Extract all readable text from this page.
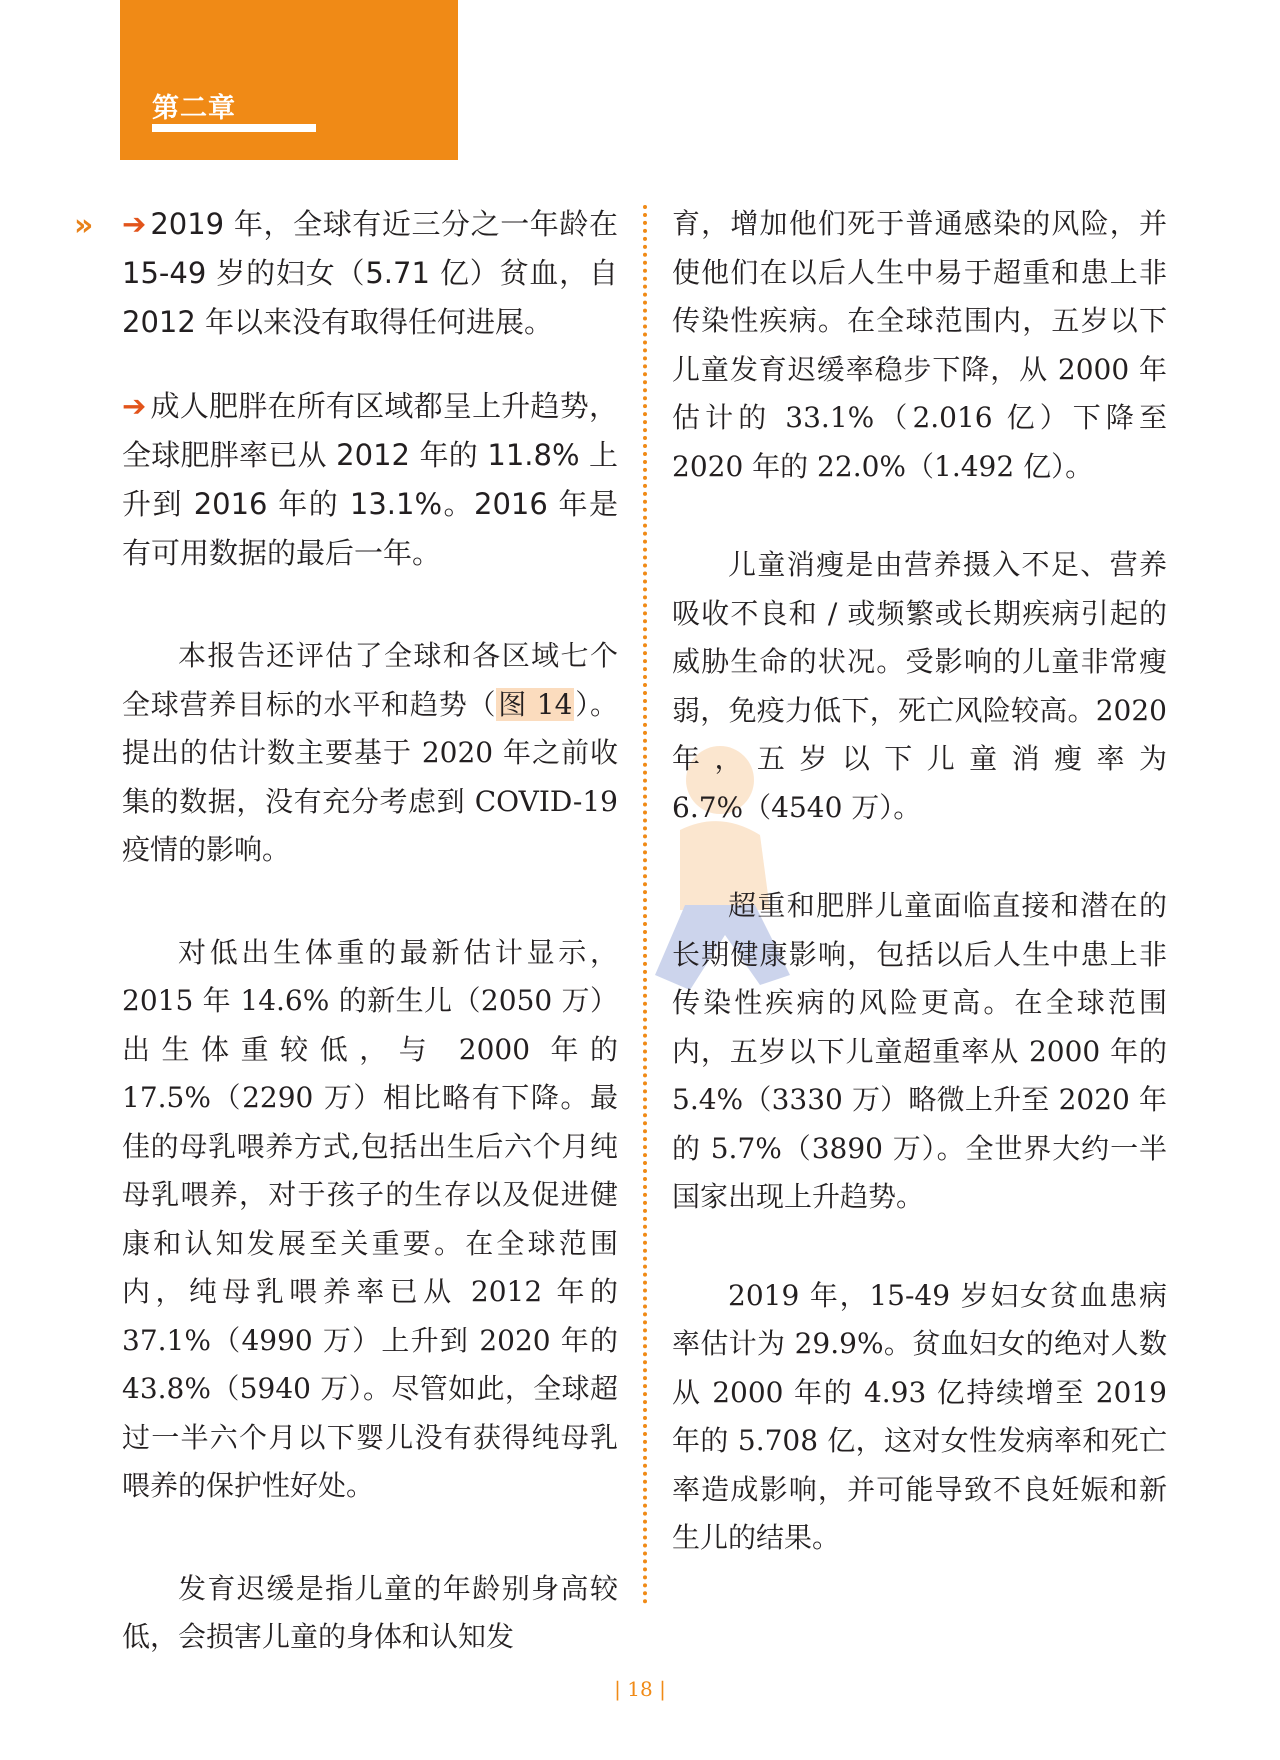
第二章
» ➔ 2019 年，全球有近三分之一年龄在 15-49 岁的妇女（5.71 亿）贫血，自 2012 年以来没有取得任何进展。

➔ 成人肥胖在所有区域都呈上升趋势，全球肥胖率已从 2012 年的 11.8% 上升到 2016 年的 13.1%。2016 年是有可用数据的最后一年。

本报告还评估了全球和各区域七个全球营养目标的水平和趋势（图 14）。提出的估计数主要基于 2020 年之前收集的数据，没有充分考虑到 COVID-19 疫情的影响。

对低出生体重的最新估计显示，2015 年 14.6% 的新生儿（2050 万）出生体重较低，与 2000 年的 17.5%（2290 万）相比略有下降。最佳的母乳喂养方式,包括出生后六个月纯母乳喂养，对于孩子的生存以及促进健康和认知发展至关重要。在全球范围内，纯母乳喂养率已从 2012 年的 37.1%（4990 万）上升到 2020 年的 43.8%（5940 万）。尽管如此，全球超过一半六个月以下婴儿没有获得纯母乳喂养的保护性好处。

发育迟缓是指儿童的年龄别身高较低，会损害儿童的身体和认知发

育，增加他们死于普通感染的风险，并使他们在以后人生中易于超重和患上非传染性疾病。在全球范围内，五岁以下儿童发育迟缓率稳步下降，从 2000 年估计的 33.1%（2.016 亿）下降至 2020 年的 22.0%（1.492 亿）。

儿童消瘦是由营养摄入不足、营养吸收不良和 / 或频繁或长期疾病引起的威胁生命的状况。受影响的儿童非常瘦弱，免疫力低下，死亡风险较高。2020 年，五岁以下儿童消瘦率为 6.7%（4540 万）。

超重和肥胖儿童面临直接和潜在的长期健康影响，包括以后人生中患上非传染性疾病的风险更高。在全球范围内，五岁以下儿童超重率从 2000 年的 5.4%（3330 万）略微上升至 2020 年的 5.7%（3890 万）。全世界大约一半国家出现上升趋势。

2019 年，15-49 岁妇女贫血患病率估计为 29.9%。贫血妇女的绝对人数从 2000 年的 4.93 亿持续增至 2019 年的 5.708 亿，这对女性发病率和死亡率造成影响，并可能导致不良妊娠和新生儿的结果。

| 18 |
